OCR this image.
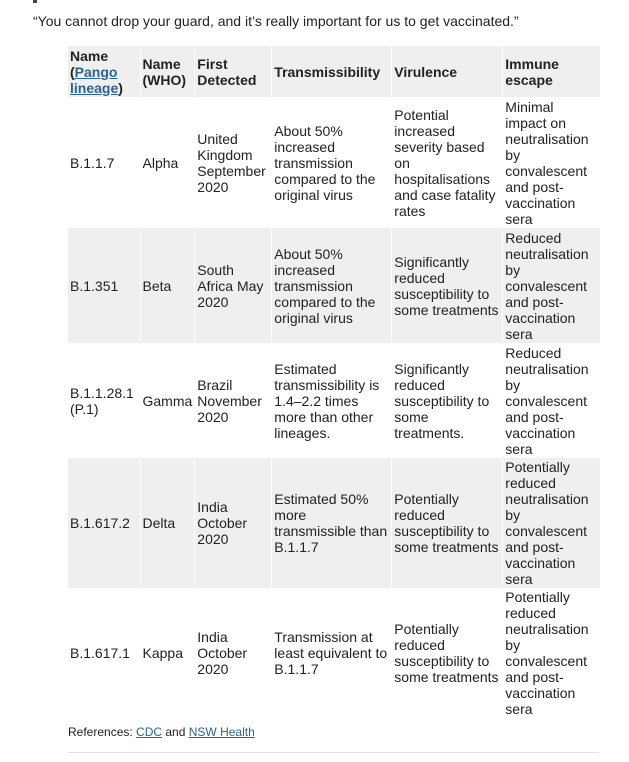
“You cannot drop your guard, and it’s really important for us to get vaccinated.”
Name (Pango lineage)	Name (WHO)	First Detected	Transmissibility	Virulence	Immune escape
B.1.1.7	Alpha	United Kingdom September 2020	About 50% increased transmission compared to the original virus	Potential increased severity based on hospitalisations and case fatality rates	Minimal impact on neutralisation by convalescent and post-vaccination sera
B.1.351	Beta	South Africa May 2020	About 50% increased transmission compared to the original virus	Significantly reduced susceptibility to some treatments	Reduced neutralisation by convalescent and post-vaccination sera
B.1.1.28.1 (P.1)	Gamma	Brazil November 2020	Estimated transmissibility is 1.4–2.2 times more than other lineages.	Significantly reduced susceptibility to some treatments.	Reduced neutralisation by convalescent and post-vaccination sera
B.1.617.2	Delta	India October 2020	Estimated 50% more transmissible than B.1.1.7	Potentially reduced susceptibility to some treatments	Potentially reduced neutralisation by convalescent and post-vaccination sera
B.1.617.1	Kappa	India October 2020	Transmission at least equivalent to B.1.1.7	Potentially reduced susceptibility to some treatments	Potentially reduced neutralisation by convalescent and post-vaccination sera
References: CDC and NSW Health
